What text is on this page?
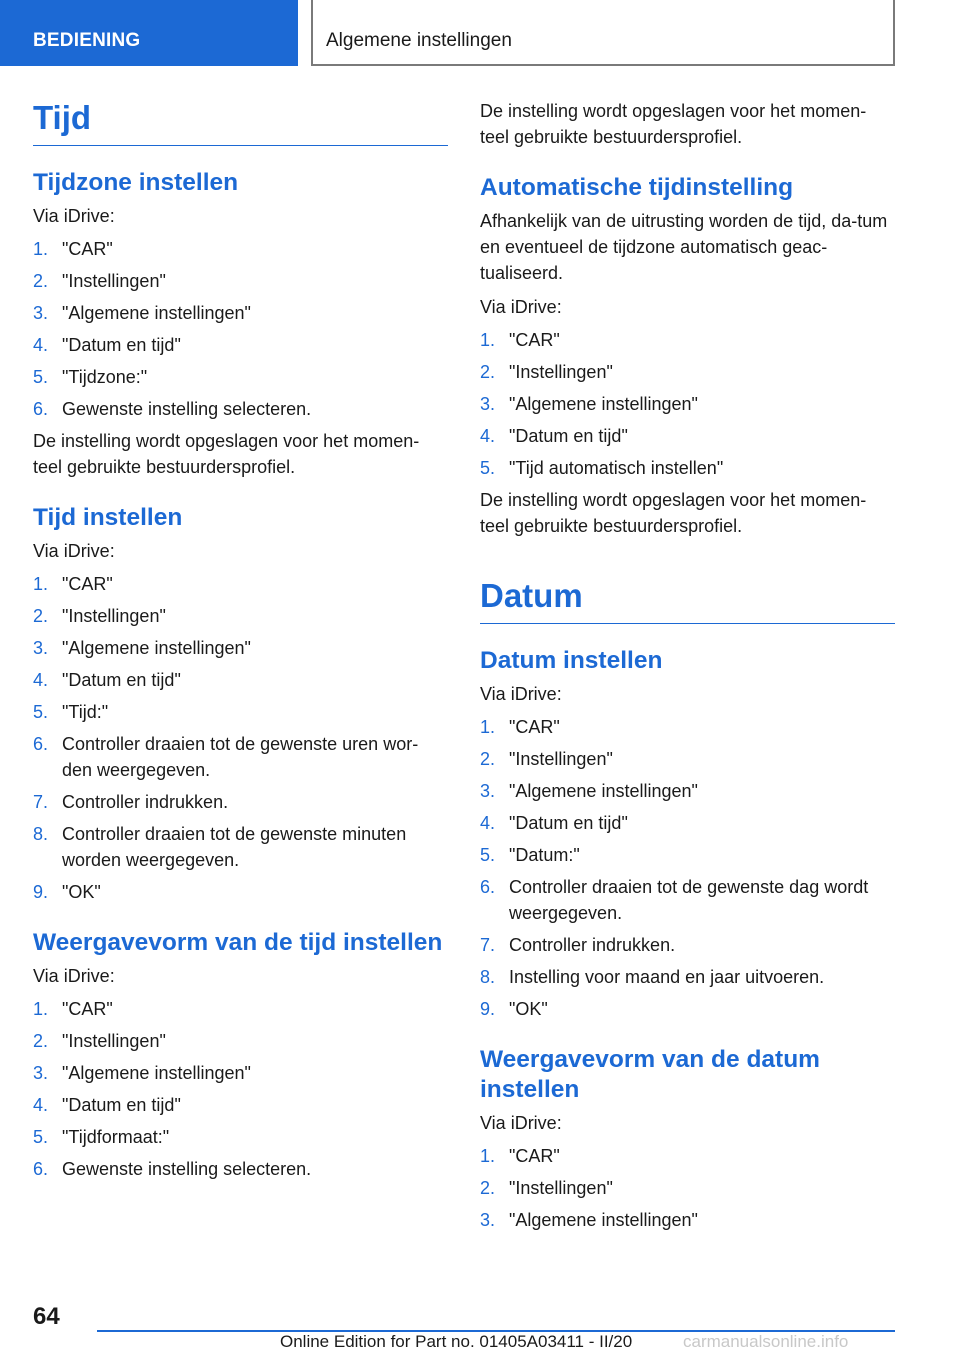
BEDIENING	Algemene instellingen
Tijd
Tijdzone instellen

Via iDrive:

1. "CAR"
2. "Instellingen"
3. "Algemene instellingen"
4. "Datum en tijd"
5. "Tijdzone:"
6. Gewenste instelling selecteren.

De instelling wordt opgeslagen voor het momen-teel gebruikte bestuurdersprofiel.

Tijd instellen

Via iDrive:

1. "CAR"
2. "Instellingen"
3. "Algemene instellingen"
4. "Datum en tijd"
5. "Tijd:"
6. Controller draaien tot de gewenste uren wor-den weergegeven.
7. Controller indrukken.
8. Controller draaien tot de gewenste minuten worden weergegeven.
9. "OK"
Weergavevorm van de tijd instellen

Via iDrive:

1. "CAR"
2. "Instellingen"
3. "Algemene instellingen"
4. "Datum en tijd"
5. "Tijdformaat:"
6. Gewenste instelling selecteren.

De instelling wordt opgeslagen voor het momen-teel gebruikte bestuurdersprofiel.

Automatische tijdinstelling

Afhankelijk van de uitrusting worden de tijd, da-tum en eventueel de tijdzone automatisch geac-tualiseerd.

Via iDrive:

1. "CAR"
2. "Instellingen"
3. "Algemene instellingen"
4. "Datum en tijd"
5. "Tijd automatisch instellen"

De instelling wordt opgeslagen voor het momen-teel gebruikte bestuurdersprofiel.

Datum
Datum instellen

Via iDrive:

1. "CAR"
2. "Instellingen"
3. "Algemene instellingen"
4. "Datum en tijd"
5. "Datum:"
6. Controller draaien tot de gewenste dag wordt weergegeven.
7. Controller indrukken.
8. Instelling voor maand en jaar uitvoeren.
9. "OK"
Weergavevorm van de datum instellen

Via iDrive:

1. "CAR"
2. "Instellingen"
3. "Algemene instellingen"
64
Online Edition for Part no. 01405A03411 - II/20	carmanualsonline.info
